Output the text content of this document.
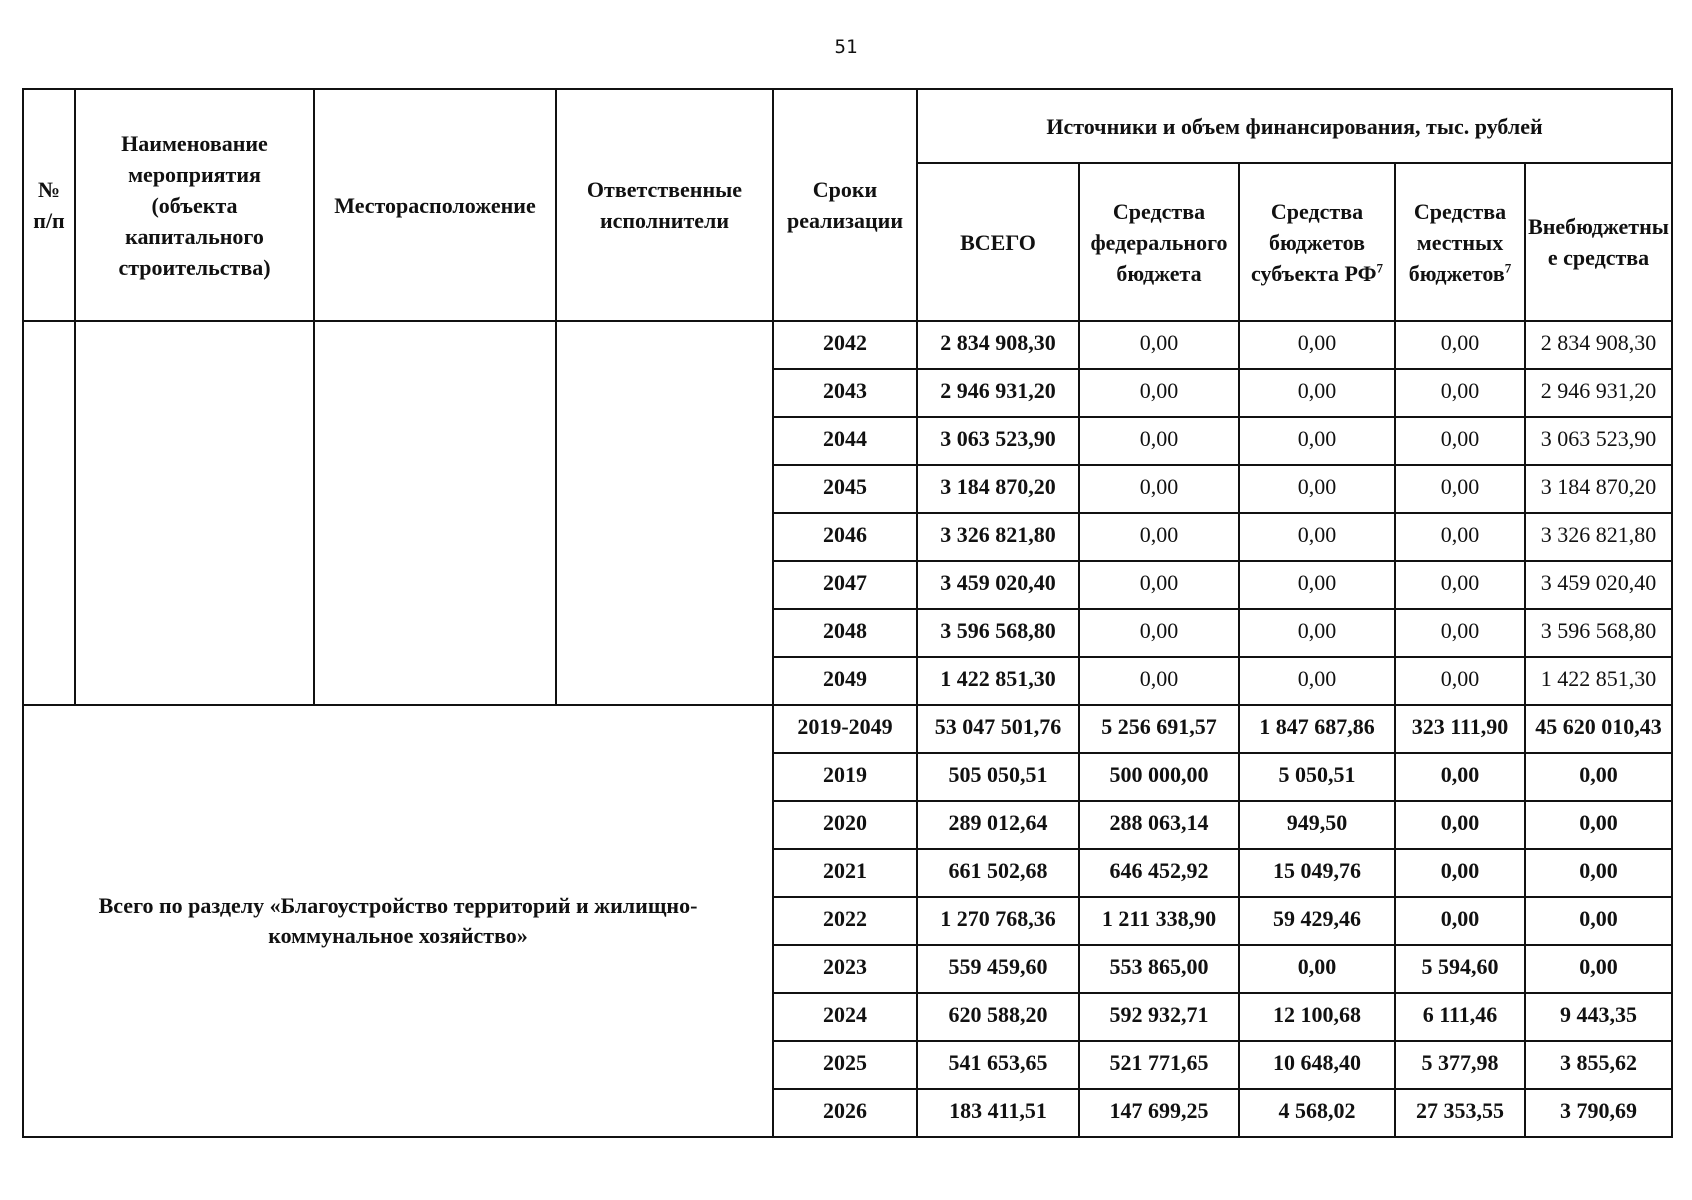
51
№ п/п	Наименование мероприятия (объекта капитального строительства)	Месторасположение	Ответственные исполнители	Сроки реализации	Источники и объем финансирования, тыс. рублей				
					ВСЕГО	Средства федерального бюджета	Средства бюджетов субъекта $РФ^7$	Средства местных бюджетов$^7$	Внебюджетные средства
				2042	2 834 908,30	0,00	0,00	0,00	2 834 908,30
				2043	2 946 931,20	0,00	0,00	0,00	2 946 931,20
				2044	3 063 523,90	0,00	0,00	0,00	3 063 523,90
				2045	3 184 870,20	0,00	0,00	0,00	3 184 870,20
				2046	3 326 821,80	0,00	0,00	0,00	3 326 821,80
				2047	3 459 020,40	0,00	0,00	0,00	3 459 020,40
				2048	3 596 568,80	0,00	0,00	0,00	3 596 568,80
				2049	1 422 851,30	0,00	0,00	0,00	1 422 851,30
Всего по разделу «Благоустройство территорий и жилищно-коммунальное хозяйство»				2019-2049	53 047 501,76	5 256 691,57	1 847 687,86	323 111,90	45 620 010,43
				2019	505 050,51	500 000,00	5 050,51	0,00	0,00
				2020	289 012,64	288 063,14	949,50	0,00	0,00
				2021	661 502,68	646 452,92	15 049,76	0,00	0,00
				2022	1 270 768,36	1 211 338,90	59 429,46	0,00	0,00
				2023	559 459,60	553 865,00	0,00	5 594,60	0,00
				2024	620 588,20	592 932,71	12 100,68	6 111,46	9 443,35
				2025	541 653,65	521 771,65	10 648,40	5 377,98	3 855,62
				2026	183 411,51	147 699,25	4 568,02	27 353,55	3 790,69
